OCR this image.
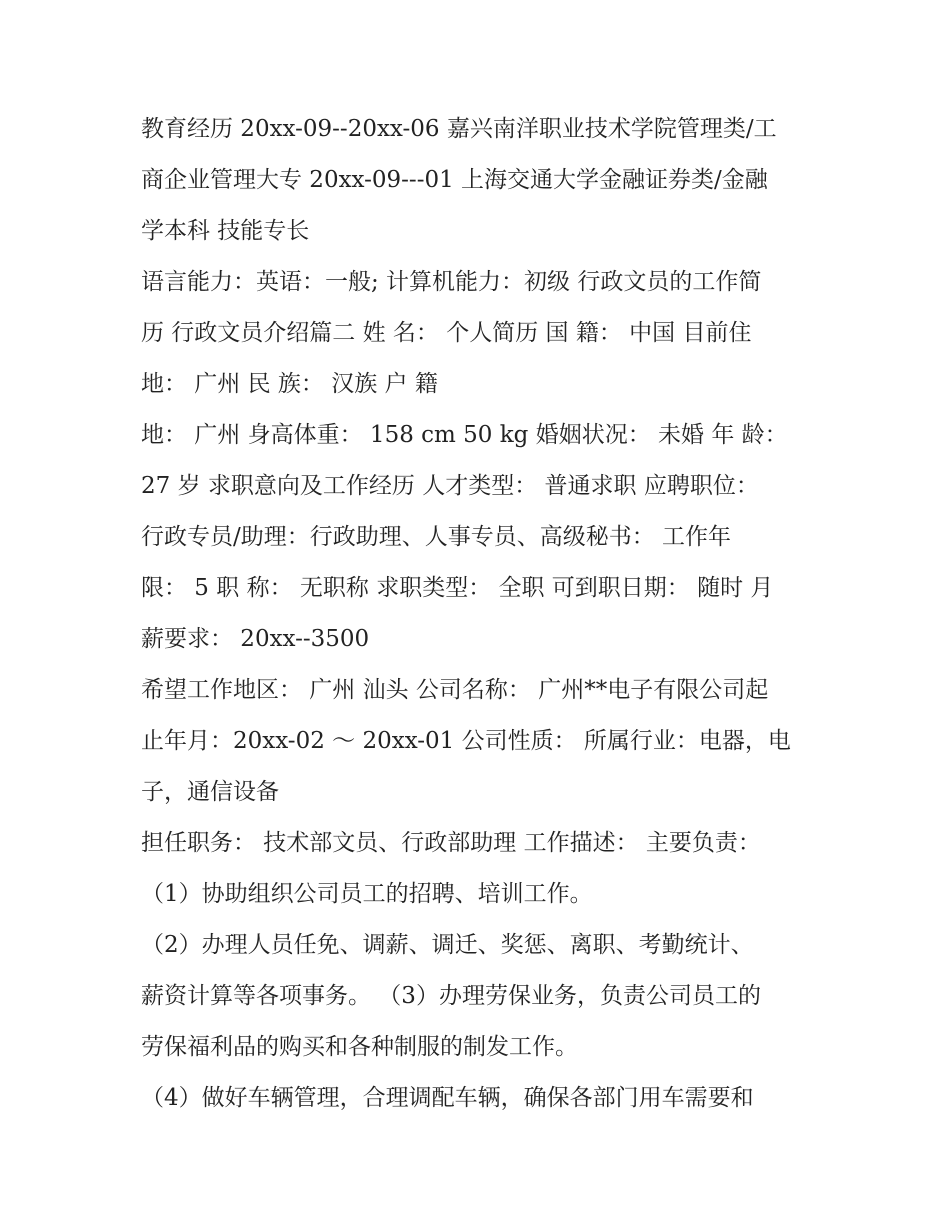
教育经历 20xx-09--20xx-06 嘉兴南洋职业技术学院管理类/工
商企业管理大专 20xx-09---01 上海交通大学金融证券类/金融
学本科 技能专长
语言能力：英语：一般; 计算机能力：初级 行政文员的工作简
历 行政文员介绍篇二 姓 名： 个人简历 国 籍： 中国 目前住
地： 广州 民 族： 汉族 户 籍
地： 广州 身高体重： 158 cm 50 kg 婚姻状况： 未婚 年 龄：
27 岁 求职意向及工作经历 人才类型： 普通求职 应聘职位：
行政专员/助理：行政助理、人事专员、高级秘书： 工作年
限： 5 职 称： 无职称 求职类型： 全职 可到职日期： 随时 月
薪要求： 20xx--3500
希望工作地区： 广州 汕头 公司名称： 广州**电子有限公司起
止年月：20xx-02 ～ 20xx-01 公司性质： 所属行业：电器，电
子，通信设备
担任职务： 技术部文员、行政部助理 工作描述： 主要负责：
（1）协助组织公司员工的招聘、培训工作。
（2）办理人员任免、调薪、调迁、奖惩、离职、考勤统计、
薪资计算等各项事务。 （3）办理劳保业务，负责公司员工的
劳保福利品的购买和各种制服的制发工作。
（4）做好车辆管理，合理调配车辆，确保各部门用车需要和
